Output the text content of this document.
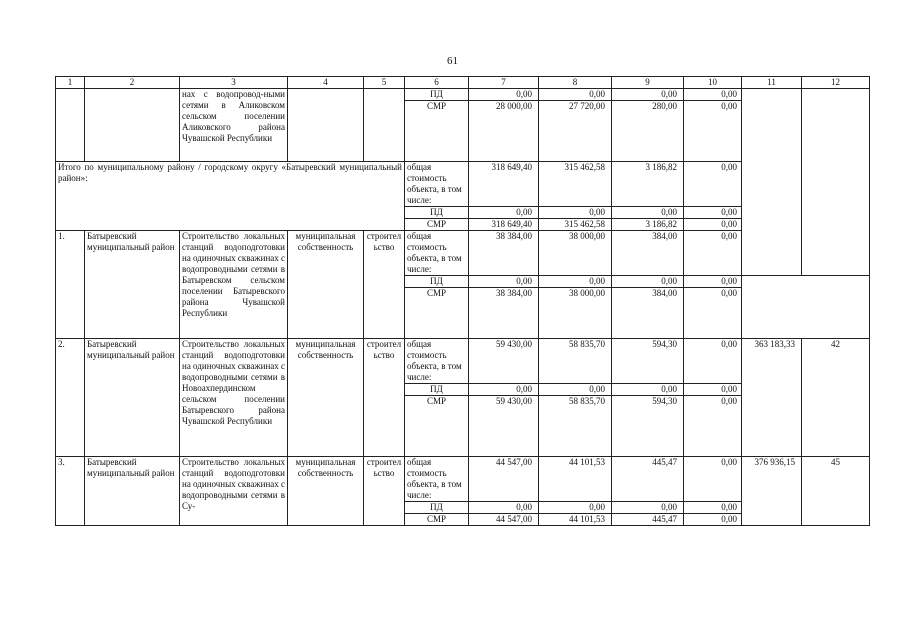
61
1	2	3	4	5	6	7	8	9	10	11	12	
		нах с водопровод-ными сетями в Аликовском сельском поселении Аликовского района Чувашской Республики			ПД	0,00	0,00	0,00	0,00			
					СМР	28 000,00	27 720,00	280,00	0,00			
Итого по муниципальному району / городскому округу «Батыревский муниципальный район»:					общая стоимость объекта, в том числе:	318 649,40	315 462,58	3 186,82	0,00			
					ПД	0,00	0,00	0,00	0,00			
					СМР	318 649,40	315 462,58	3 186,82	0,00			
1.	Батыревский муниципальный район	Строительство локальных станций водоподготовки на одиночных скважинах с водопроводными сетями в Батыревском сельском поселении Батыревского района Чувашской Республики	муниципальная собственность	строительство	общая стоимость объекта, в том числе:	38 384,00	38 000,00	384,00	0,00		
					ПД	0,00	0,00	0,00	0,00			
					СМР	38 384,00	38 000,00	384,00	0,00			
2.	Батыревский муниципальный район	Строительство локальных станций водоподготовки на одиночных скважинах с водопроводными сетями в Новоахпердинском сельском поселении Батыревского района Чувашской Республики	муниципальная собственность	строительство	общая стоимость объекта, в том числе:	59 430,00	58 835,70	594,30	0,00	363 183,33	42	
					ПД	0,00	0,00	0,00	0,00			
					СМР	59 430,00	58 835,70	594,30	0,00			
3.	Батыревский муниципальный район	Строительство локальных станций водоподготовки на одиночных скважинах с водопроводными сетями в Су-	муниципальная собственность	строительство	общая стоимость объекта, в том числе:	44 547,00	44 101,53	445,47	0,00	376 936,15	45	
					ПД	0,00	0,00	0,00	0,00			
					СМР	44 547,00	44 101,53	445,47	0,00			
